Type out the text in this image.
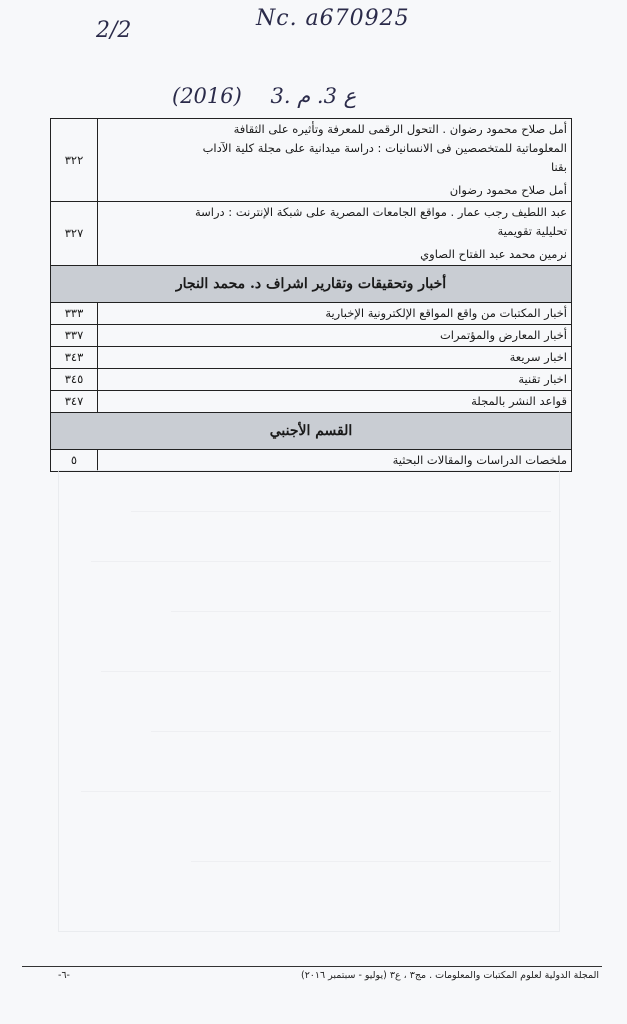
2/2	Nc. a670925
(2016) 3. ع 3. م
أمل صلاح محمود رضوان . التحول الرقمى للمعرفة وتأثيره على الثقافة
المعلوماتية للمتخصصين فى الانسانيات : دراسة ميدانية على مجلة كلية الآداب
بقنا
أمل صلاح محمود رضوان	٣٢٢

عبد اللطيف رجب عمار . مواقع الجامعات المصرية على شبكة الإنترنت : دراسة
تحليلية تقويمية
نرمين محمد عبد الفتاح الصاوي	٣٢٧
أخبار وتحقيقات وتقارير اشراف د. محمد النجار	
أخبار المكتبات من واقع المواقع الإلكترونية الإخبارية	٣٣٣
أخبار المعارض والمؤتمرات	٣٣٧
اخبار سريعة	٣٤٣
اخبار تقنية	٣٤٥
قواعد النشر بالمجلة	٣٤٧
القسم الأجنبي	
ملخصات الدراسات والمقالات البحثية	٥
المجلة الدولية لعلوم المكتبات والمعلومات . مج٣ ، ع٣ (يوليو - سبتمبر ٢٠١٦)
-٦-
